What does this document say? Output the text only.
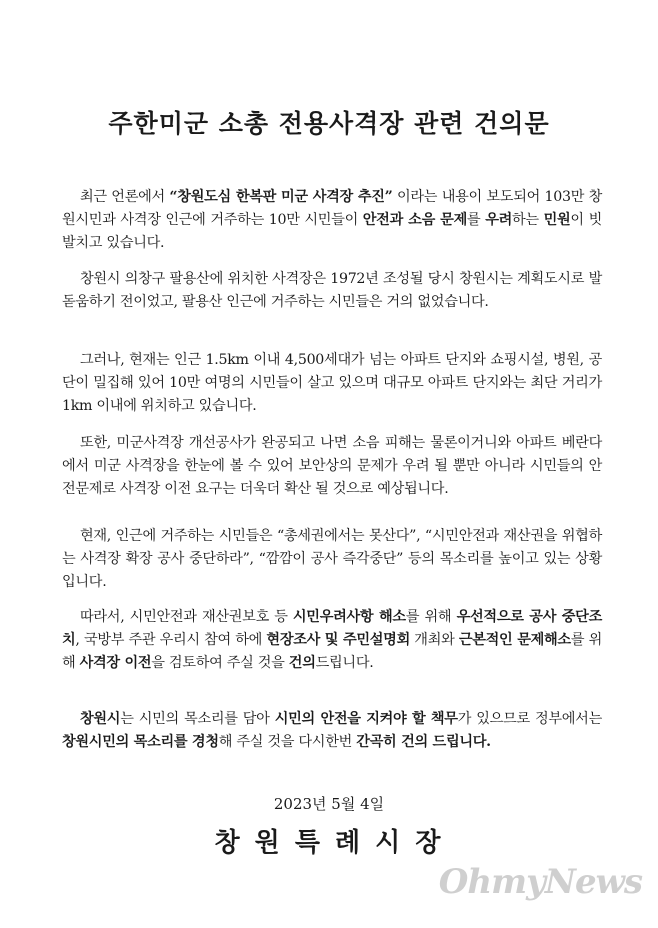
주한미군 소총 전용사격장 관련 건의문
최근 언론에서 “창원도심 한복판 미군 사격장 추진” 이라는 내용이 보도되어 103만 창원시민과 사격장 인근에 거주하는 10만 시민들이 안전과 소음 문제를 우려하는 민원이 빗발치고 있습니다.
창원시 의창구 팔용산에 위치한 사격장은 1972년 조성될 당시 창원시는 계획도시로 발돋움하기 전이었고, 팔용산 인근에 거주하는 시민들은 거의 없었습니다.
그러나, 현재는 인근 1.5km 이내 4,500세대가 넘는 아파트 단지와 쇼핑시설, 병원, 공단이 밀집해 있어 10만 여명의 시민들이 살고 있으며 대규모 아파트 단지와는 최단 거리가 1km 이내에 위치하고 있습니다.
또한, 미군사격장 개선공사가 완공되고 나면 소음 피해는 물론이거니와 아파트 베란다에서 미군 사격장을 한눈에 볼 수 있어 보안상의 문제가 우려 될 뿐만 아니라 시민들의 안전문제로 사격장 이전 요구는 더욱더 확산 될 것으로 예상됩니다.
현재, 인근에 거주하는 시민들은 “총세권에서는 못산다”, “시민안전과 재산권을 위협하는 사격장 확장 공사 중단하라”, “깜깜이 공사 즉각중단” 등의 목소리를 높이고 있는 상황입니다.
따라서, 시민안전과 재산권보호 등 시민우려사항 해소를 위해 우선적으로 공사 중단조치, 국방부 주관 우리시 참여 하에 현장조사 및 주민설명회 개최와 근본적인 문제해소를 위해 사격장 이전을 검토하여 주실 것을 건의드립니다.
창원시는 시민의 목소리를 담아 시민의 안전을 지켜야 할 책무가 있으므로 정부에서는 창원시민의 목소리를 경청해 주실 것을 다시한번 간곡히 건의 드립니다.
2023년 5월 4일
창 원 특 례 시 장
OhmyNews
